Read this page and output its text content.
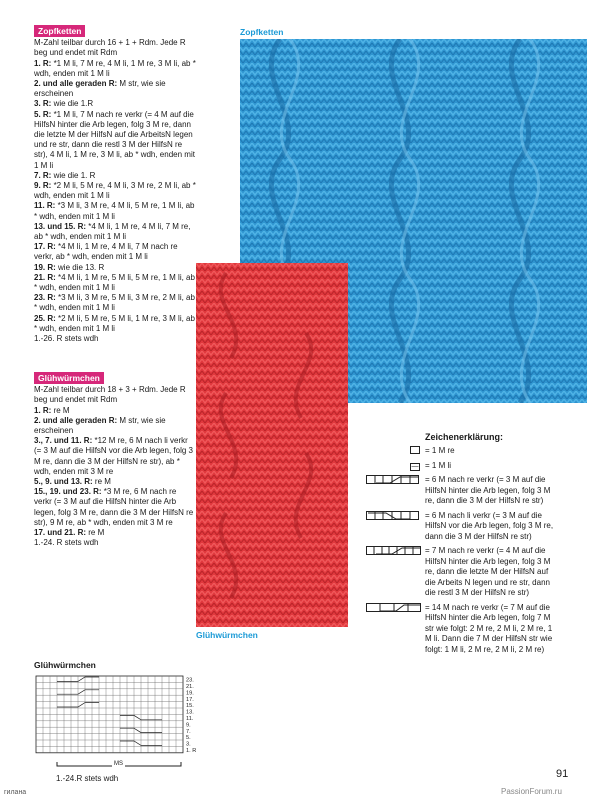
Zopfketten

M-Zahl teilbar durch 16 + 1 + Rdm. Jede R beg und endet mit Rdm

1. R: *1 M li, 7 M re, 4 M li, 1 M re, 3 M li, ab * wdh, enden mit 1 M li

2. und alle geraden R: M str, wie sie erscheinen

3. R: wie die 1.R

5. R: *1 M li, 7 M nach re verkr (= 4 M auf die HilfsN hinter die Arb legen, folg 3 M re, dann die letzte M der HilfsN auf die ArbeitsN legen und re str, dann die restl 3 M der HilfsN re str), 4 M li, 1 M re, 3 M li, ab * wdh, enden mit 1 M li

7. R: wie die 1. R

9. R: *2 M li, 5 M re, 4 M li, 3 M re, 2 M li, ab * wdh, enden mit 1 M li

11. R: *3 M li, 3 M re, 4 M li, 5 M re, 1 M li, ab * wdh, enden mit 1 M li

13. und 15. R: *4 M li, 1 M re, 4 M li, 7 M re, ab * wdh, enden mit 1 M li

17. R: *4 M li, 1 M re, 4 M li, 7 M nach re verkr, ab * wdh, enden mit 1 M li

19. R: wie die 13. R

21. R: *4 M li, 1 M re, 5 M li, 5 M re, 1 M li, ab * wdh, enden mit 1 M li

23. R: *3 M li, 3 M re, 5 M li, 3 M re, 2 M li, ab * wdh, enden mit 1 M li

25. R: *2 M li, 5 M re, 5 M li, 1 M re, 3 M li, ab * wdh, enden mit 1 M li

1.-26. R stets wdh

Glühwürmchen

M-Zahl teilbar durch 18 + 3 + Rdm. Jede R beg und endet mit Rdm

1. R: re M

2. und alle geraden R: M str, wie sie erscheinen

3., 7. und 11. R: *12 M re, 6 M nach li verkr (= 3 M auf die HilfsN vor die Arb legen, folg 3 M re, dann die 3 M der HilfsN re str), ab * wdh, enden mit 3 M re

5., 9. und 13. R: re M

15., 19. und 23. R: *3 M re, 6 M nach re verkr (= 3 M auf die HilfsN hinter die Arb legen, folg 3 M re, dann die 3 M der HilfsN re str), 9 M re, ab * wdh, enden mit 3 M re

17. und 21. R: re M

1.-24. R stets wdh

Zopfketten
Glühwürmchen
Zeichenerklärung:
= 1 M re
— = 1 M li
= 6 M nach re verkr (= 3 M auf die HilfsN hinter die Arb legen, folg 3 M re, dann die 3 M der HilfsN re str)
= 6 M nach li verkr (= 3 M auf die HilfsN vor die Arb legen, folg 3 M re, dann die 3 M der HilfsN re str)
= 7 M nach re verkr (= 4 M auf die HilfsN hinter die Arb legen, folg 3 M re, dann die letzte M der HilfsN auf die Arbeits N legen und re str, dann die restl 3 M der HilfsN re str)
= 14 M nach re verkr (= 7 M auf die HilfsN hinter die Arb legen, folg 7 M str wie folgt: 2 M re, 2 M li, 2 M re, 1 M li. Dann die 7 M der HilfsN str wie folgt: 1 M li, 2 M re, 2 M li, 2 M re)
Glühwürmchen
23.
21.
19.
17.
15.
13.
11.
9.
7.
5.
3.
1. R
MS
1.-24.R stets wdh	91
гилана	PassionForum.ru
